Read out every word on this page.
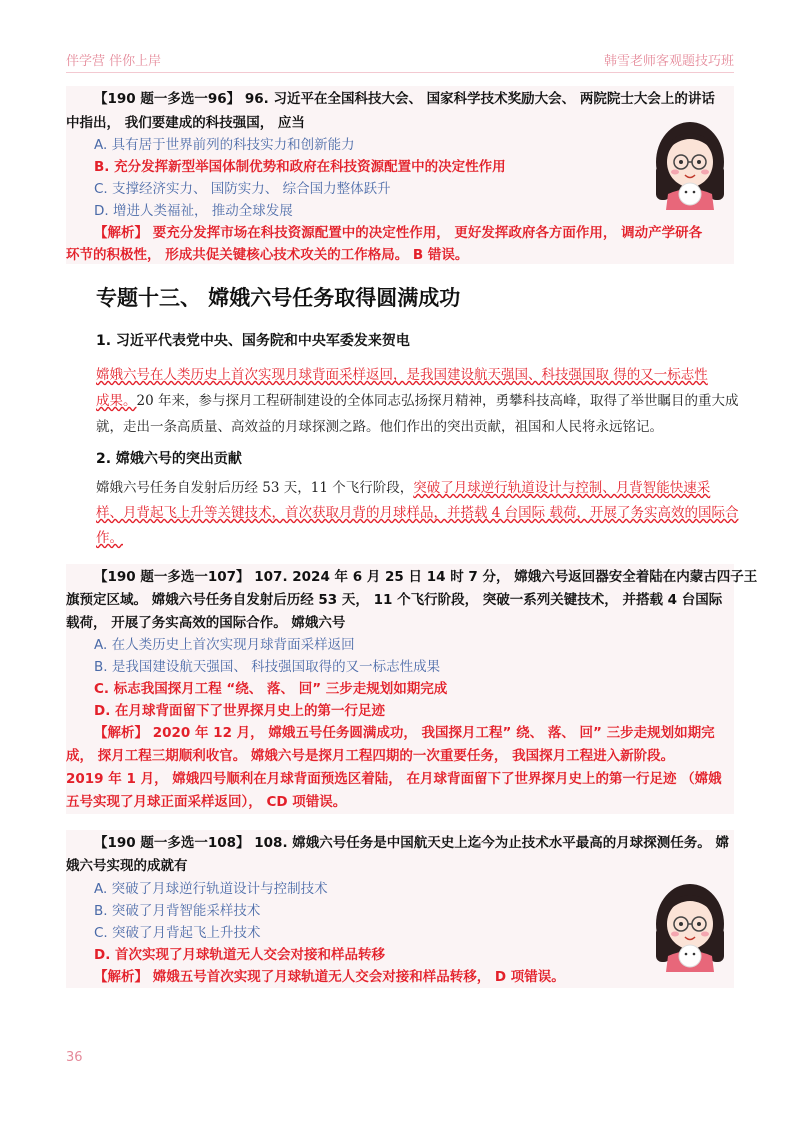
伴学营 伴你上岸	韩雪老师客观题技巧班
【190 题一多选一96】 96. 习近平在全国科技大会、 国家科学技术奖励大会、 两院院士大会上的讲话
中指出， 我们要建成的科技强国， 应当
A. 具有居于世界前列的科技实力和创新能力
B. 充分发挥新型举国体制优势和政府在科技资源配置中的决定性作用
C. 支撑经济实力、 国防实力、 综合国力整体跃升
D. 增进人类福祉， 推动全球发展
【解析】 要充分发挥市场在科技资源配置中的决定性作用， 更好发挥政府各方面作用， 调动产学研各
环节的积极性， 形成共促关键核心技术攻关的工作格局。 B 错误。
专题十三、 嫦娥六号任务取得圆满成功
1. 习近平代表党中央、国务院和中央军委发来贺电
嫦娥六号在人类历史上首次实现月球背面采样返回，是我国建设航天强国、科技强国取 得的又一标志性
成果。20 年来，参与探月工程研制建设的全体同志弘扬探月精神，勇攀科技高峰，取得了举世瞩目的重大成
就，走出一条高质量、高效益的月球探测之路。他们作出的突出贡献，祖国和人民将永远铭记。
2. 嫦娥六号的突出贡献
嫦娥六号任务自发射后历经 53 天，11 个飞行阶段，突破了月球逆行轨道设计与控制、月背智能快速采
样、月背起飞上升等关键技术，首次获取月背的月球样品，并搭载 4 台国际 载荷，开展了务实高效的国际合
作。
【190 题一多选一107】 107. 2024 年 6 月 25 日 14 时 7 分， 嫦娥六号返回器安全着陆在内蒙古四子王
旗预定区域。 嫦娥六号任务自发射后历经 53 天， 11 个飞行阶段， 突破一系列关键技术， 并搭载 4 台国际
载荷， 开展了务实高效的国际合作。 嫦娥六号
A. 在人类历史上首次实现月球背面采样返回
B. 是我国建设航天强国、 科技强国取得的又一标志性成果
C. 标志我国探月工程 “绕、 落、 回” 三步走规划如期完成
D. 在月球背面留下了世界探月史上的第一行足迹
【解析】 2020 年 12 月， 嫦娥五号任务圆满成功， 我国探月工程” 绕、 落、 回” 三步走规划如期完
成， 探月工程三期顺利收官。 嫦娥六号是探月工程四期的一次重要任务， 我国探月工程进入新阶段。
2019 年 1 月， 嫦娥四号顺利在月球背面预选区着陆， 在月球背面留下了世界探月史上的第一行足迹 （嫦娥
五号实现了月球正面采样返回）， CD 项错误。
【190 题一多选一108】 108. 嫦娥六号任务是中国航天史上迄今为止技术水平最高的月球探测任务。 嫦
娥六号实现的成就有
A. 突破了月球逆行轨道设计与控制技术
B. 突破了月背智能采样技术
C. 突破了月背起飞上升技术
D. 首次实现了月球轨道无人交会对接和样品转移
【解析】 嫦娥五号首次实现了月球轨道无人交会对接和样品转移， D 项错误。
36
